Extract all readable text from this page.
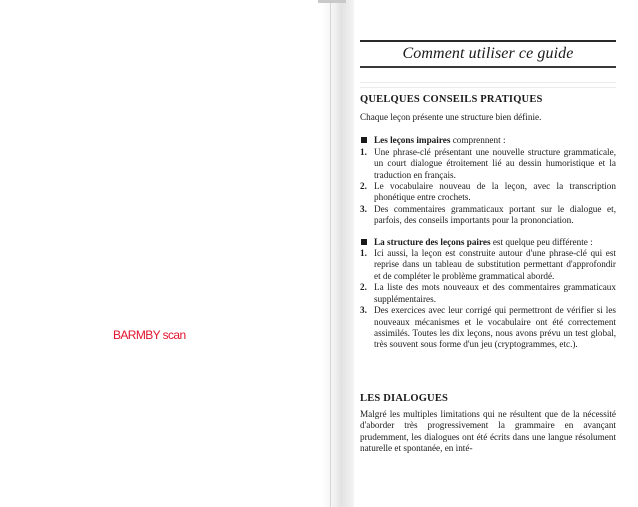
BARMBY scan
Comment utiliser ce guide
QUELQUES CONSEILS PRATIQUES

Chaque leçon présente une structure bien définie.

Les leçons impaires comprennent :
1. Une phrase-clé présentant une nouvelle structure grammaticale, un court dialogue étroitement lié au dessin humoristique et la traduction en français.
2. Le vocabulaire nouveau de la leçon, avec la transcription phonétique entre crochets.
3. Des commentaires grammaticaux portant sur le dialogue et, parfois, des conseils importants pour la prononciation.
La structure des leçons paires est quelque peu différente :
1. Ici aussi, la leçon est construite autour d'une phrase-clé qui est reprise dans un tableau de substitution permettant d'approfondir et de compléter le problème grammatical abordé.
2. La liste des mots nouveaux et des commentaires grammaticaux supplémentaires.
3. Des exercices avec leur corrigé qui permettront de vérifier si les nouveaux mécanismes et le vocabulaire ont été correctement assimilés. Toutes les dix leçons, nous avons prévu un test global, très souvent sous forme d'un jeu (cryptogrammes, etc.).
LES DIALOGUES

Malgré les multiples limitations qui ne résultent que de la nécessité d'aborder très progressivement la grammaire en avançant prudemment, les dialogues ont été écrits dans une langue résolument naturelle et spontanée, en inté-
